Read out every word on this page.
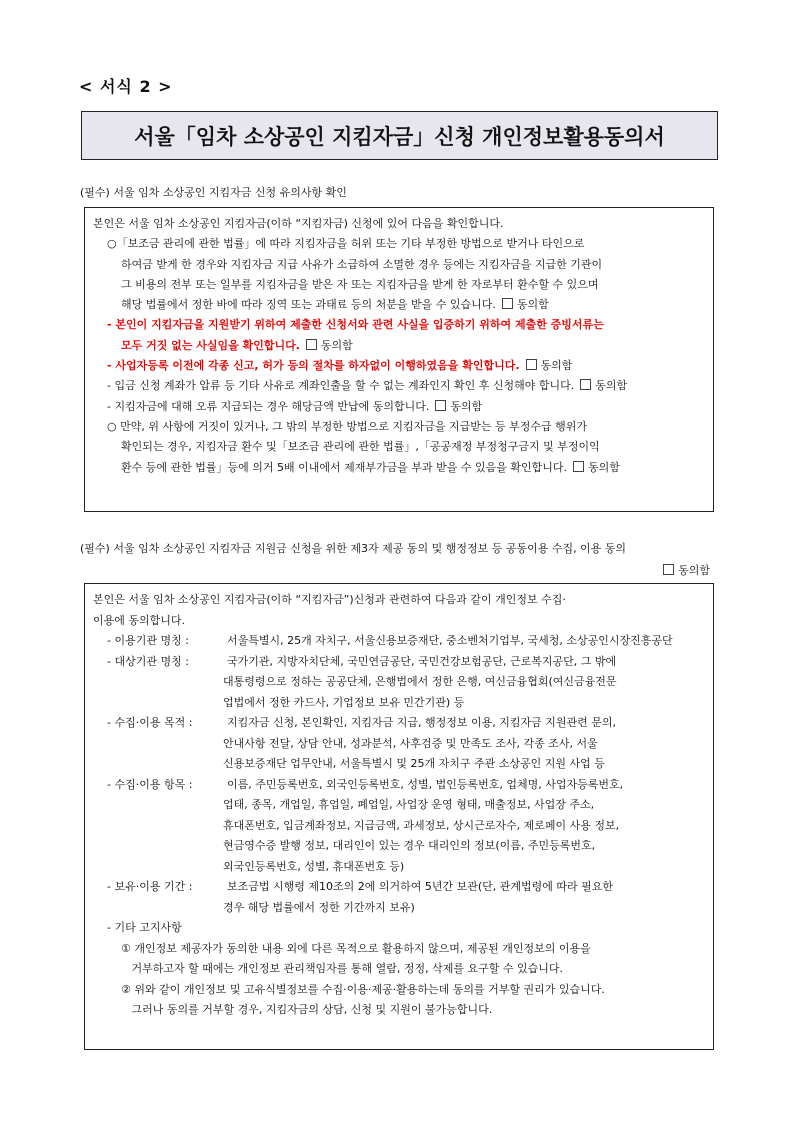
< 서식 2 >
서울「임차 소상공인 지킴자금」신청 개인정보활용동의서
(필수) 서울 임차 소상공인 지킴자금 신청 유의사항 확인
본인은 서울 임차 소상공인 지킴자금(이하 “지킴자금) 신청에 있어 다음을 확인합니다.
○「보조금 관리에 관한 법률」에 따라 지킴자금을 허위 또는 기타 부정한 방법으로 받거나 타인으로
하여금 받게 한 경우와 지킴자금 지급 사유가 소급하여 소멸한 경우 등에는 지킴자금을 지급한 기관이
그 비용의 전부 또는 일부를 지킴자금을 받은 자 또는 지킴자금을 받게 한 자로부터 환수할 수 있으며
해당 법률에서 정한 바에 따라 징역 또는 과태료 등의 처분을 받을 수 있습니다. 동의함
- 본인이 지킴자금을 지원받기 위하여 제출한 신청서와 관련 사실을 입증하기 위하여 제출한 증빙서류는
모두 거짓 없는 사실임을 확인합니다. 동의함
- 사업자등록 이전에 각종 신고, 허가 등의 절차를 하자없이 이행하였음을 확인합니다. 동의함
- 입금 신청 계좌가 압류 등 기타 사유로 계좌인출을 할 수 없는 계좌인지 확인 후 신청해야 합니다. 동의함
- 지킴자금에 대해 오류 지급되는 경우 해당금액 반납에 동의합니다. 동의함
○ 만약, 위 사항에 거짓이 있거나, 그 밖의 부정한 방법으로 지킴자금을 지급받는 등 부정수급 행위가
확인되는 경우, 지킴자금 환수 및「보조금 관리에 관한 법률」,「공공재정 부정청구금지 및 부정이익
환수 등에 관한 법률」등에 의거 5배 이내에서 제재부가금을 부과 받을 수 있음을 확인합니다. 동의함
(필수) 서울 임차 소상공인 지킴자금 지원금 신청을 위한 제3자 제공 동의 및 행정정보 등 공동이용 수집, 이용 동의
동의함
본인은 서울 임차 소상공인 지킴자금(이하 “지킴자금”)신청과 관련하여 다음과 같이 개인정보 수집·
이용에 동의합니다.
- 이용기관 명칭 :	서울특별시, 25개 자치구, 서울신용보증재단, 중소벤처기업부, 국세청, 소상공인시장진흥공단
- 대상기관 명칭 :	국가기관, 지방자치단체, 국민연금공단, 국민건강보험공단, 근로복지공단, 그 밖에
대통령령으로 정하는 공공단체, 은행법에서 정한 은행, 여신금융협회(여신금융전문
업법에서 정한 카드사, 기업정보 보유 민간기관) 등
- 수집·이용 목적 :	지킴자금 신청, 본인확인, 지킴자금 지급, 행정정보 이용, 지킴자금 지원관련 문의,
안내사항 전달, 상담 안내, 성과분석, 사후검증 및 만족도 조사, 각종 조사, 서울
신용보증재단 업무안내, 서울특별시 및 25개 자치구 주관 소상공인 지원 사업 등
- 수집·이용 항목 :	이름, 주민등록번호, 외국인등록번호, 성별, 법인등록번호, 업체명, 사업자등록번호,
업태, 종목, 개업일, 휴업일, 폐업일, 사업장 운영 형태, 매출정보, 사업장 주소,
휴대폰번호, 입금계좌정보, 지급금액, 과세정보, 상시근로자수, 제로페이 사용 정보,
현금영수증 발행 정보, 대리인이 있는 경우 대리인의 정보(이름, 주민등록번호,
외국인등록번호, 성별, 휴대폰번호 등)
- 보유·이용 기간 :	보조금법 시행령 제10조의 2에 의거하여 5년간 보관(단, 관계법령에 따라 필요한
경우 해당 법률에서 정한 기간까지 보유)
- 기타 고지사항
① 개인정보 제공자가 동의한 내용 외에 다른 목적으로 활용하지 않으며, 제공된 개인정보의 이용을
거부하고자 할 때에는 개인정보 관리책임자를 통해 열람, 정정, 삭제를 요구할 수 있습니다.
② 위와 같이 개인정보 및 고유식별정보를 수집·이용·제공·활용하는데 동의를 거부할 권리가 있습니다.
그러나 동의를 거부할 경우, 지킴자금의 상담, 신청 및 지원이 불가능합니다.
